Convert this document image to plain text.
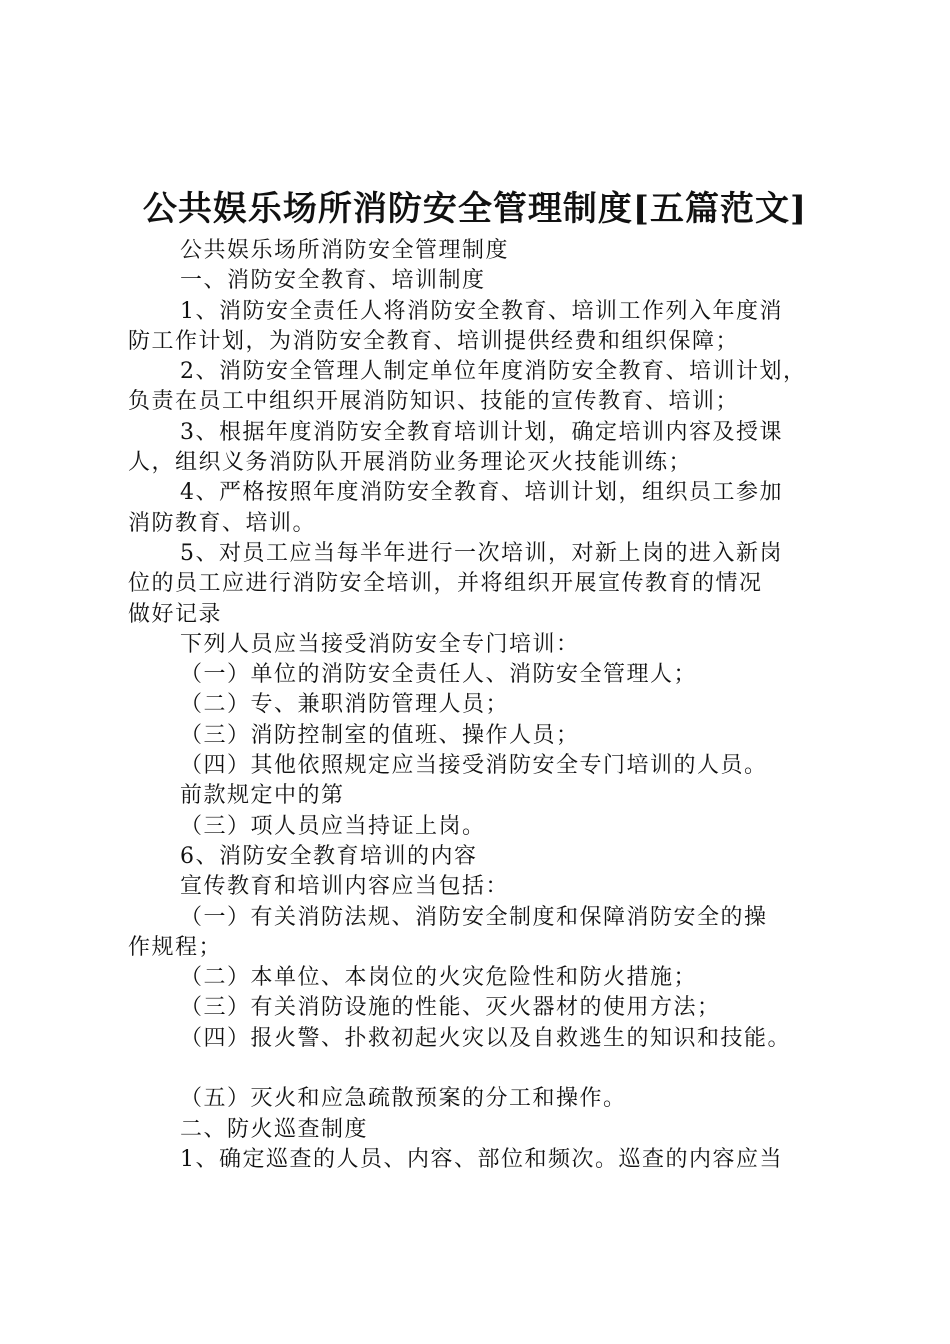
公共娱乐场所消防安全管理制度[五篇范文]
公共娱乐场所消防安全管理制度
一、消防安全教育、培训制度
1、消防安全责任人将消防安全教育、培训工作列入年度消
防工作计划，为消防安全教育、培训提供经费和组织保障；
2、消防安全管理人制定单位年度消防安全教育、培训计划，
负责在员工中组织开展消防知识、技能的宣传教育、培训；
3、根据年度消防安全教育培训计划，确定培训内容及授课
人，组织义务消防队开展消防业务理论灭火技能训练；
4、严格按照年度消防安全教育、培训计划，组织员工参加
消防教育、培训。
5、对员工应当每半年进行一次培训，对新上岗的进入新岗
位的员工应进行消防安全培训，并将组织开展宣传教育的情况
做好记录
下列人员应当接受消防安全专门培训：
（一）单位的消防安全责任人、消防安全管理人；
（二）专、兼职消防管理人员；
（三）消防控制室的值班、操作人员；
（四）其他依照规定应当接受消防安全专门培训的人员。
前款规定中的第
（三）项人员应当持证上岗。
6、消防安全教育培训的内容
宣传教育和培训内容应当包括：
（一）有关消防法规、消防安全制度和保障消防安全的操
作规程；
（二）本单位、本岗位的火灾危险性和防火措施；
（三）有关消防设施的性能、灭火器材的使用方法；
（四）报火警、扑救初起火灾以及自救逃生的知识和技能。
（五）灭火和应急疏散预案的分工和操作。
二、防火巡查制度
1、确定巡查的人员、内容、部位和频次。巡查的内容应当
